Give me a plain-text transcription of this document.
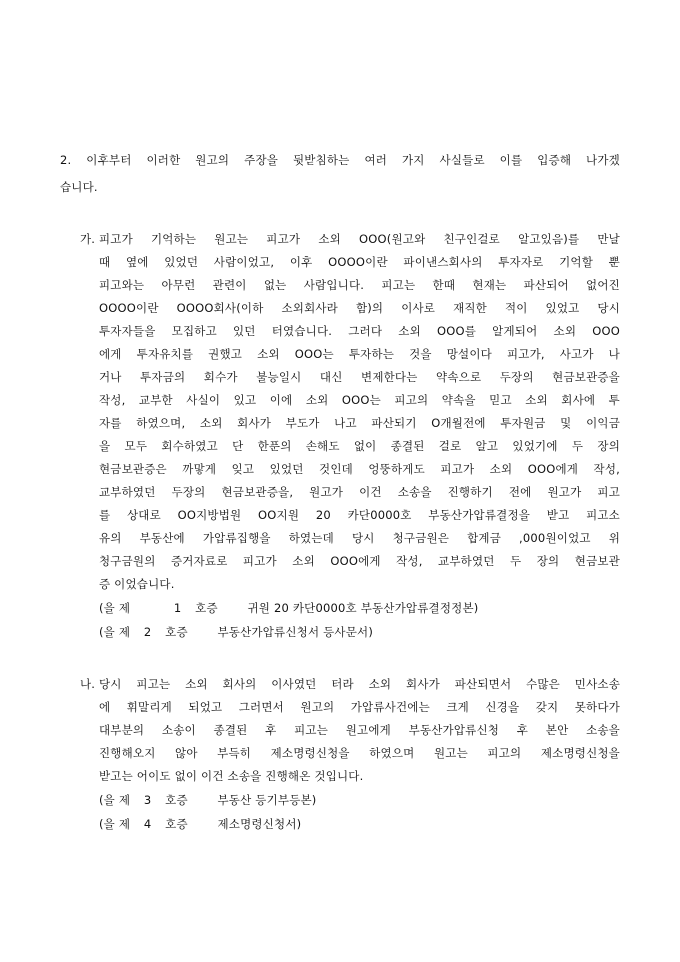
2. 이후부터 이러한 원고의 주장을 뒷받침하는 여러 가지 사실들로 이를 입증해 나가겠
습니다.
가. 피고가 기억하는 원고는 피고가 소외 OOO(원고와 친구인걸로 알고있음)를 만날
때 옆에 있었던 사람이었고, 이후 OOOO이란 파이낸스회사의 투자자로 기억할 뿐
피고와는 아무런 관련이 없는 사람입니다. 피고는 한때 현재는 파산되어 없어진
OOOO이란 OOOO회사(이하 소외회사라 함)의 이사로 재직한 적이 있었고 당시
투자자들을 모집하고 있던 터였습니다. 그러다 소외 OOO를 알게되어 소외 OOO
에게 투자유치를 권했고 소외 OOO는 투자하는 것을 망설이다 피고가, 사고가 나
거나 투자금의 회수가 불능일시 대신 변제한다는 약속으로 두장의 현금보관증을
작성, 교부한 사실이 있고 이에 소외 OOO는 피고의 약속을 믿고 소외 회사에 투
자를 하였으며, 소외 회사가 부도가 나고 파산되기 O개월전에 투자원금 및 이익금
을 모두 회수하였고 단 한푼의 손해도 없이 종결된 걸로 알고 있었기에 두 장의
현금보관증은 까맣게 잊고 있었던 것인데 엉뚱하게도 피고가 소외 OOO에게 작성,
교부하였던 두장의 현금보관증을, 원고가 이건 소송을 진행하기 전에 원고가 피고
를 상대로 OO지방법원 OO지원 20 카단0000호 부동산가압류결정을 받고 피고소
유의 부동산에 가압류집행을 하였는데 당시 청구금원은 합계금 ,000원이었고 위
청구금원의 증거자료로 피고가 소외 OOO에게 작성, 교부하였던 두 장의 현금보관
증 이었습니다.
(을 제	1 호증	귀원 20 카단0000호 부동산가압류결정정본)
(을 제 2 호증	부동산가압류신청서 등사문서)
나. 당시 피고는 소외 회사의 이사였던 터라 소외 회사가 파산되면서 수많은 민사소송
에 휘말리게 되었고 그러면서 원고의 가압류사건에는 크게 신경을 갖지 못하다가
대부분의 소송이 종결된 후 피고는 원고에게 부동산가압류신청 후 본안 소송을
진행해오지 않아 부득히 제소명령신청을 하였으며 원고는 피고의 제소명령신청을
받고는 어이도 없이 이건 소송을 진행해온 것입니다.
(을 제 3 호증	부동산 등기부등본)
(을 제 4 호증	제소명령신청서)
